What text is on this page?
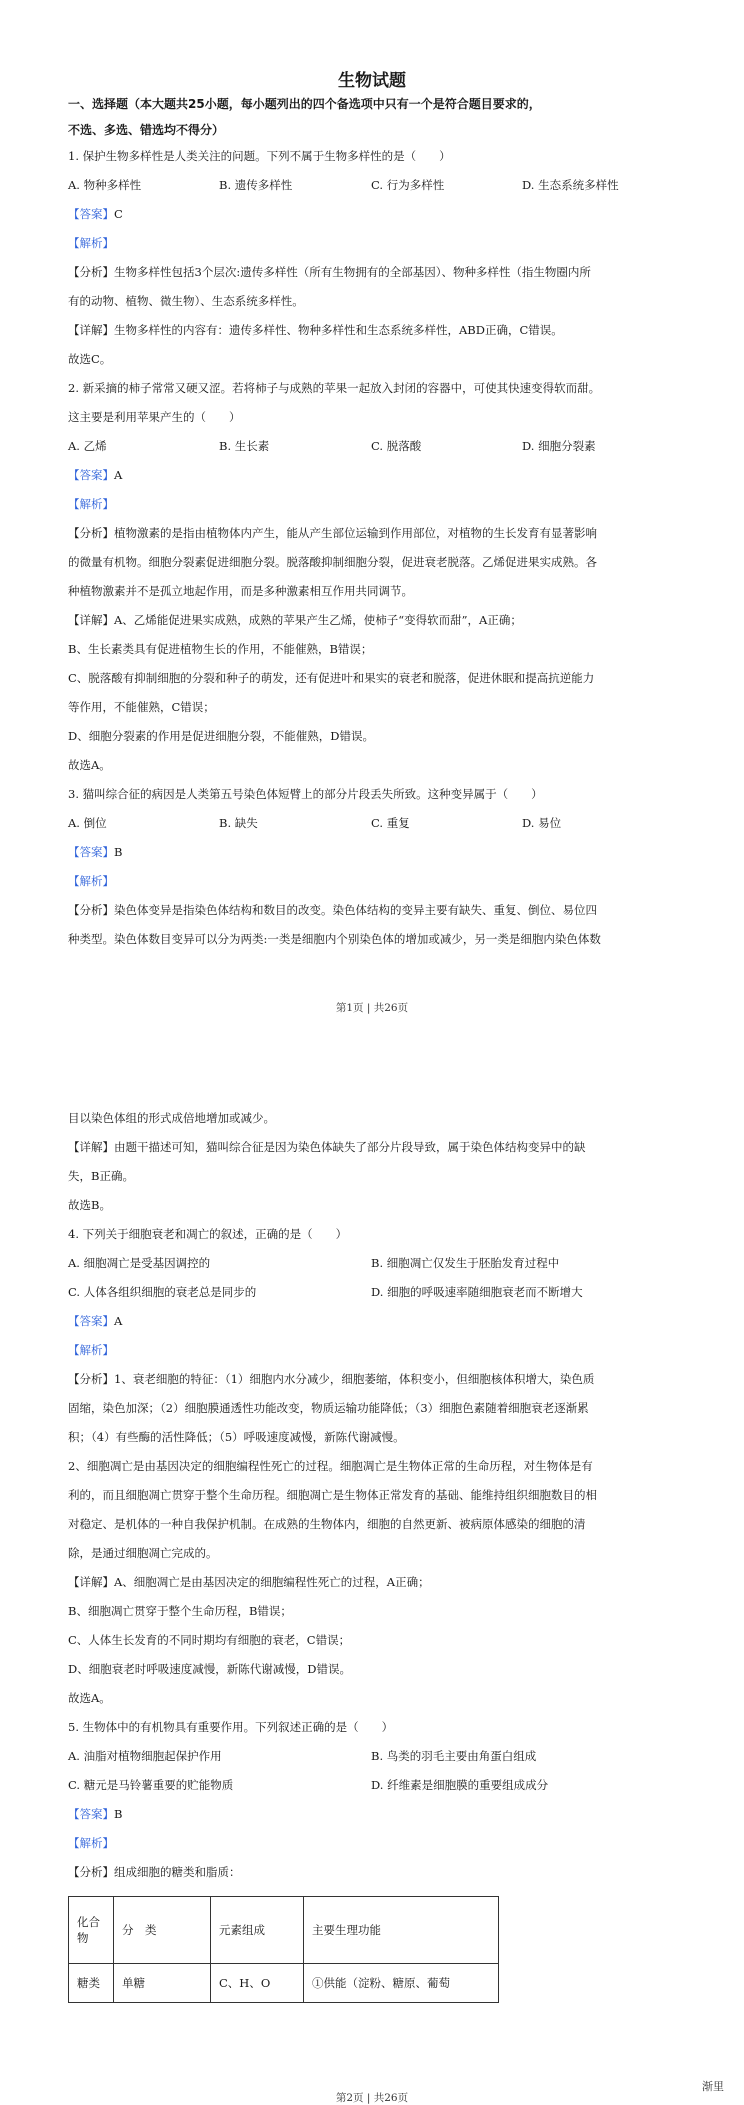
生物试题
一、选择题（本大题共25小题，每小题列出的四个备选项中只有一个是符合题目要求的，
不选、多选、错选均不得分）
1. 保护生物多样性是人类关注的问题。下列不属于生物多样性的是（　　）
A. 物种多样性	B. 遗传多样性	C. 行为多样性	D. 生态系统多样性
【答案】C
【解析】
【分析】生物多样性包括3个层次:遗传多样性（所有生物拥有的全部基因）、物种多样性（指生物圈内所
有的动物、植物、微生物）、生态系统多样性。
【详解】生物多样性的内容有：遗传多样性、物种多样性和生态系统多样性，ABD正确，C错误。
故选C。
2. 新采摘的柿子常常又硬又涩。若将柿子与成熟的苹果一起放入封闭的容器中，可使其快速变得软而甜。
这主要是利用苹果产生的（　　）
A. 乙烯	B. 生长素	C. 脱落酸	D. 细胞分裂素
【答案】A
【解析】
【分析】植物激素的是指由植物体内产生，能从产生部位运输到作用部位，对植物的生长发育有显著影响
的微量有机物。细胞分裂素促进细胞分裂。脱落酸抑制细胞分裂，促进衰老脱落。乙烯促进果实成熟。各
种植物激素并不是孤立地起作用，而是多种激素相互作用共同调节。
【详解】A、乙烯能促进果实成熟，成熟的苹果产生乙烯，使柿子“变得软而甜”，A正确；
B、生长素类具有促进植物生长的作用，不能催熟，B错误；
C、脱落酸有抑制细胞的分裂和种子的萌发，还有促进叶和果实的衰老和脱落，促进休眠和提高抗逆能力
等作用，不能催熟，C错误；
D、细胞分裂素的作用是促进细胞分裂，不能催熟，D错误。
故选A。
3. 猫叫综合征的病因是人类第五号染色体短臂上的部分片段丢失所致。这种变异属于（　　）
A. 倒位	B. 缺失	C. 重复	D. 易位
【答案】B
【解析】
【分析】染色体变异是指染色体结构和数目的改变。染色体结构的变异主要有缺失、重复、倒位、易位四
种类型。染色体数目变异可以分为两类:一类是细胞内个别染色体的增加或减少，另一类是细胞内染色体数
第1页 | 共26页
目以染色体组的形式成倍地增加或减少。
【详解】由题干描述可知，猫叫综合征是因为染色体缺失了部分片段导致，属于染色体结构变异中的缺
失，B正确。
故选B。
4. 下列关于细胞衰老和凋亡的叙述，正确的是（　　）
A. 细胞凋亡是受基因调控的	B. 细胞凋亡仅发生于胚胎发育过程中
C. 人体各组织细胞的衰老总是同步的	D. 细胞的呼吸速率随细胞衰老而不断增大
【答案】A
【解析】
【分析】1、衰老细胞的特征：（1）细胞内水分减少，细胞萎缩，体积变小，但细胞核体积增大，染色质
固缩，染色加深；（2）细胞膜通透性功能改变，物质运输功能降低；（3）细胞色素随着细胞衰老逐渐累
积；（4）有些酶的活性降低；（5）呼吸速度减慢，新陈代谢减慢。
2、细胞凋亡是由基因决定的细胞编程性死亡的过程。细胞凋亡是生物体正常的生命历程，对生物体是有
利的，而且细胞凋亡贯穿于整个生命历程。细胞凋亡是生物体正常发育的基础、能维持组织细胞数目的相
对稳定、是机体的一种自我保护机制。在成熟的生物体内，细胞的自然更新、被病原体感染的细胞的清
除，是通过细胞凋亡完成的。
【详解】A、细胞凋亡是由基因决定的细胞编程性死亡的过程，A正确；
B、细胞凋亡贯穿于整个生命历程，B错误；
C、人体生长发育的不同时期均有细胞的衰老，C错误；
D、细胞衰老时呼吸速度减慢，新陈代谢减慢，D错误。
故选A。
5. 生物体中的有机物具有重要作用。下列叙述正确的是（　　）
A. 油脂对植物细胞起保护作用	B. 鸟类的羽毛主要由角蛋白组成
C. 糖元是马铃薯重要的贮能物质	D. 纤维素是细胞膜的重要组成成分
【答案】B
【解析】
【分析】组成细胞的糖类和脂质：
化合
物	分　类	元素组成	主要生理功能
糖类	单糖	C、H、O	①供能（淀粉、糖原、葡萄
渐里
第2页 | 共26页
